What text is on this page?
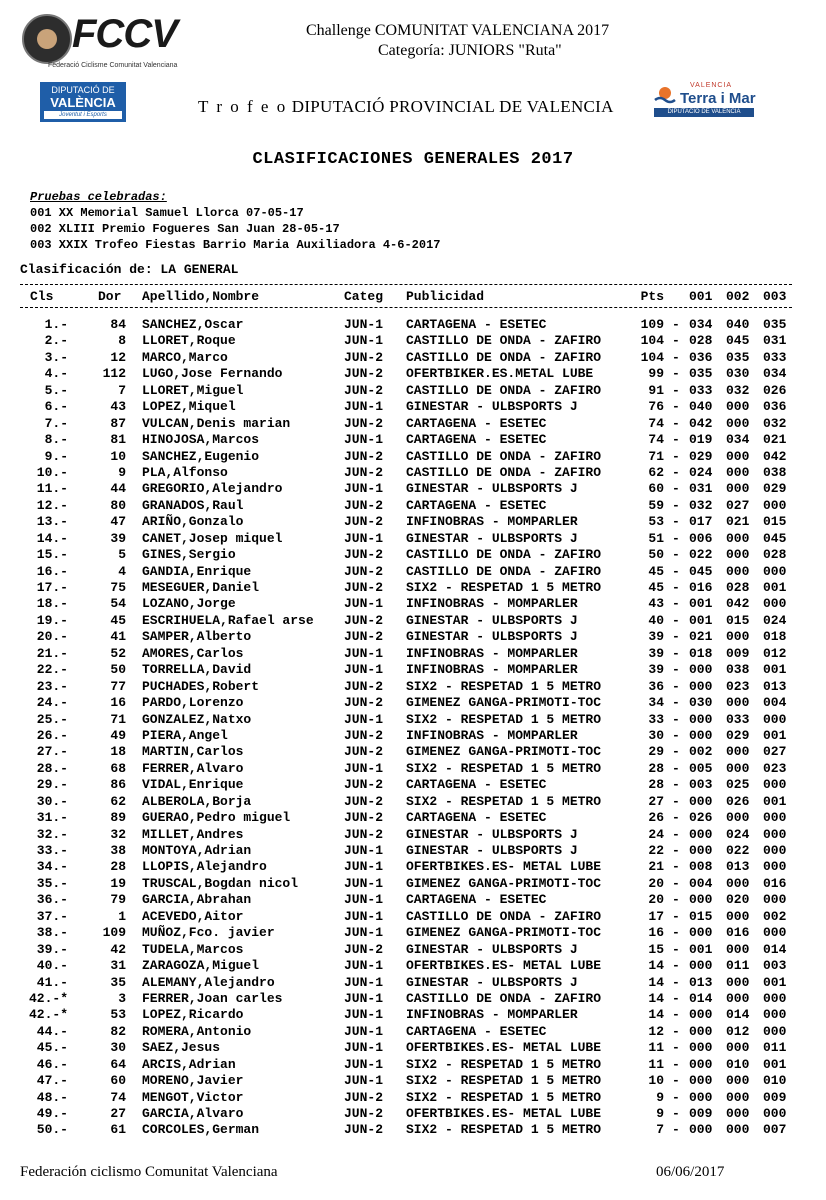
FCCV
Federació Ciclisme Comunitat Valenciana
Challenge COMUNITAT VALENCIANA 2017
Categoría: JUNIORS "Ruta"
DIPUTACIÓ DE
VALÈNCIA
Joventut i Esports	T r o f e o DIPUTACIÓ PROVINCIAL DE VALENCIA
VALENCIA
Terra i Mar
DIPUTACIÓ DE VALÈNCIA
CLASIFICACIONES GENERALES 2017
Pruebas celebradas:
001 XX Memorial Samuel Llorca 07-05-17
002 XLIII Premio Fogueres San Juan 28-05-17
003 XXIX Trofeo Fiestas Barrio Maria Auxiliadora 4-6-2017
Clasificación de: LA GENERAL
Cls	Dor Apellido,Nombre	Categ Publicidad	Pts 001 002 003
1.-	84 SANCHEZ,Oscar	JUN-1 CARTAGENA - ESETEC	109 - 034 040 035
2.-	8 LLORET,Roque	JUN-1 CASTILLO DE ONDA - ZAFIRO	104 - 028 045 031
3.-	12 MARCO,Marco	JUN-2 CASTILLO DE ONDA - ZAFIRO	104 - 036 035 033
4.-	112 LUGO,Jose Fernando	JUN-2 OFERTBIKER.ES.METAL LUBE	99 - 035 030 034
5.-	7 LLORET,Miguel	JUN-2 CASTILLO DE ONDA - ZAFIRO	91 - 033 032 026
6.-	43 LOPEZ,Miquel	JUN-1 GINESTAR - ULBSPORTS J	76 - 040 000 036
7.-	87 VULCAN,Denis marian	JUN-2 CARTAGENA - ESETEC	74 - 042 000 032
8.-	81 HINOJOSA,Marcos	JUN-1 CARTAGENA - ESETEC	74 - 019 034 021
9.-	10 SANCHEZ,Eugenio	JUN-2 CASTILLO DE ONDA - ZAFIRO	71 - 029 000 042
10.-	9 PLA,Alfonso	JUN-2 CASTILLO DE ONDA - ZAFIRO	62 - 024 000 038
11.-	44 GREGORIO,Alejandro	JUN-1 GINESTAR - ULBSPORTS J	60 - 031 000 029
12.-	80 GRANADOS,Raul	JUN-2 CARTAGENA - ESETEC	59 - 032 027 000
13.-	47 ARIÑO,Gonzalo	JUN-2 INFINOBRAS - MOMPARLER	53 - 017 021 015
14.-	39 CANET,Josep miquel	JUN-1 GINESTAR - ULBSPORTS J	51 - 006 000 045
15.-	5 GINES,Sergio	JUN-2 CASTILLO DE ONDA - ZAFIRO	50 - 022 000 028
16.-	4 GANDIA,Enrique	JUN-2 CASTILLO DE ONDA - ZAFIRO	45 - 045 000 000
17.-	75 MESEGUER,Daniel	JUN-2 SIX2 - RESPETAD 1 5 METRO	45 - 016 028 001
18.-	54 LOZANO,Jorge	JUN-1 INFINOBRAS - MOMPARLER	43 - 001 042 000
19.-	45 ESCRIHUELA,Rafael arse JUN-2 GINESTAR - ULBSPORTS J	40 - 001 015 024
20.-	41 SAMPER,Alberto	JUN-2 GINESTAR - ULBSPORTS J	39 - 021 000 018
21.-	52 AMORES,Carlos	JUN-1 INFINOBRAS - MOMPARLER	39 - 018 009 012
22.-	50 TORRELLA,David	JUN-1 INFINOBRAS - MOMPARLER	39 - 000 038 001
23.-	77 PUCHADES,Robert	JUN-2 SIX2 - RESPETAD 1 5 METRO	36 - 000 023 013
24.-	16 PARDO,Lorenzo	JUN-2 GIMENEZ GANGA-PRIMOTI-TOC	34 - 030 000 004
25.-	71 GONZALEZ,Natxo	JUN-1 SIX2 - RESPETAD 1 5 METRO	33 - 000 033 000
26.-	49 PIERA,Angel	JUN-2 INFINOBRAS - MOMPARLER	30 - 000 029 001
27.-	18 MARTIN,Carlos	JUN-2 GIMENEZ GANGA-PRIMOTI-TOC	29 - 002 000 027
28.-	68 FERRER,Alvaro	JUN-1 SIX2 - RESPETAD 1 5 METRO	28 - 005 000 023
29.-	86 VIDAL,Enrique	JUN-2 CARTAGENA - ESETEC	28 - 003 025 000
30.-	62 ALBEROLA,Borja	JUN-2 SIX2 - RESPETAD 1 5 METRO	27 - 000 026 001
31.-	89 GUERAO,Pedro miguel	JUN-2 CARTAGENA - ESETEC	26 - 026 000 000
32.-	32 MILLET,Andres	JUN-2 GINESTAR - ULBSPORTS J	24 - 000 024 000
33.-	38 MONTOYA,Adrian	JUN-1 GINESTAR - ULBSPORTS J	22 - 000 022 000
34.-	28 LLOPIS,Alejandro	JUN-1 OFERTBIKES.ES- METAL LUBE	21 - 008 013 000
35.-	19 TRUSCAL,Bogdan nicol	JUN-1 GIMENEZ GANGA-PRIMOTI-TOC	20 - 004 000 016
36.-	79 GARCIA,Abrahan	JUN-1 CARTAGENA - ESETEC	20 - 000 020 000
37.-	1 ACEVEDO,Aitor	JUN-1 CASTILLO DE ONDA - ZAFIRO	17 - 015 000 002
38.-	109 MUÑOZ,Fco. javier	JUN-1 GIMENEZ GANGA-PRIMOTI-TOC	16 - 000 016 000
39.-	42 TUDELA,Marcos	JUN-2 GINESTAR - ULBSPORTS J	15 - 001 000 014
40.-	31 ZARAGOZA,Miguel	JUN-1 OFERTBIKES.ES- METAL LUBE	14 - 000 011 003
41.-	35 ALEMANY,Alejandro	JUN-1 GINESTAR - ULBSPORTS J	14 - 013 000 001
42.-*	3 FERRER,Joan carles	JUN-1 CASTILLO DE ONDA - ZAFIRO	14 - 014 000 000
42.-*	53 LOPEZ,Ricardo	JUN-1 INFINOBRAS - MOMPARLER	14 - 000 014 000
44.-	82 ROMERA,Antonio	JUN-1 CARTAGENA - ESETEC	12 - 000 012 000
45.-	30 SAEZ,Jesus	JUN-1 OFERTBIKES.ES- METAL LUBE	11 - 000 000 011
46.-	64 ARCIS,Adrian	JUN-1 SIX2 - RESPETAD 1 5 METRO	11 - 000 010 001
47.-	60 MORENO,Javier	JUN-1 SIX2 - RESPETAD 1 5 METRO	10 - 000 000 010
48.-	74 MENGOT,Victor	JUN-2 SIX2 - RESPETAD 1 5 METRO	9 - 000 000 009
49.-	27 GARCIA,Alvaro	JUN-2 OFERTBIKES.ES- METAL LUBE	9 - 009 000 000
50.-	61 CORCOLES,German	JUN-2 SIX2 - RESPETAD 1 5 METRO	7 - 000 000 007
Federación ciclismo Comunitat Valenciana	06/06/2017
